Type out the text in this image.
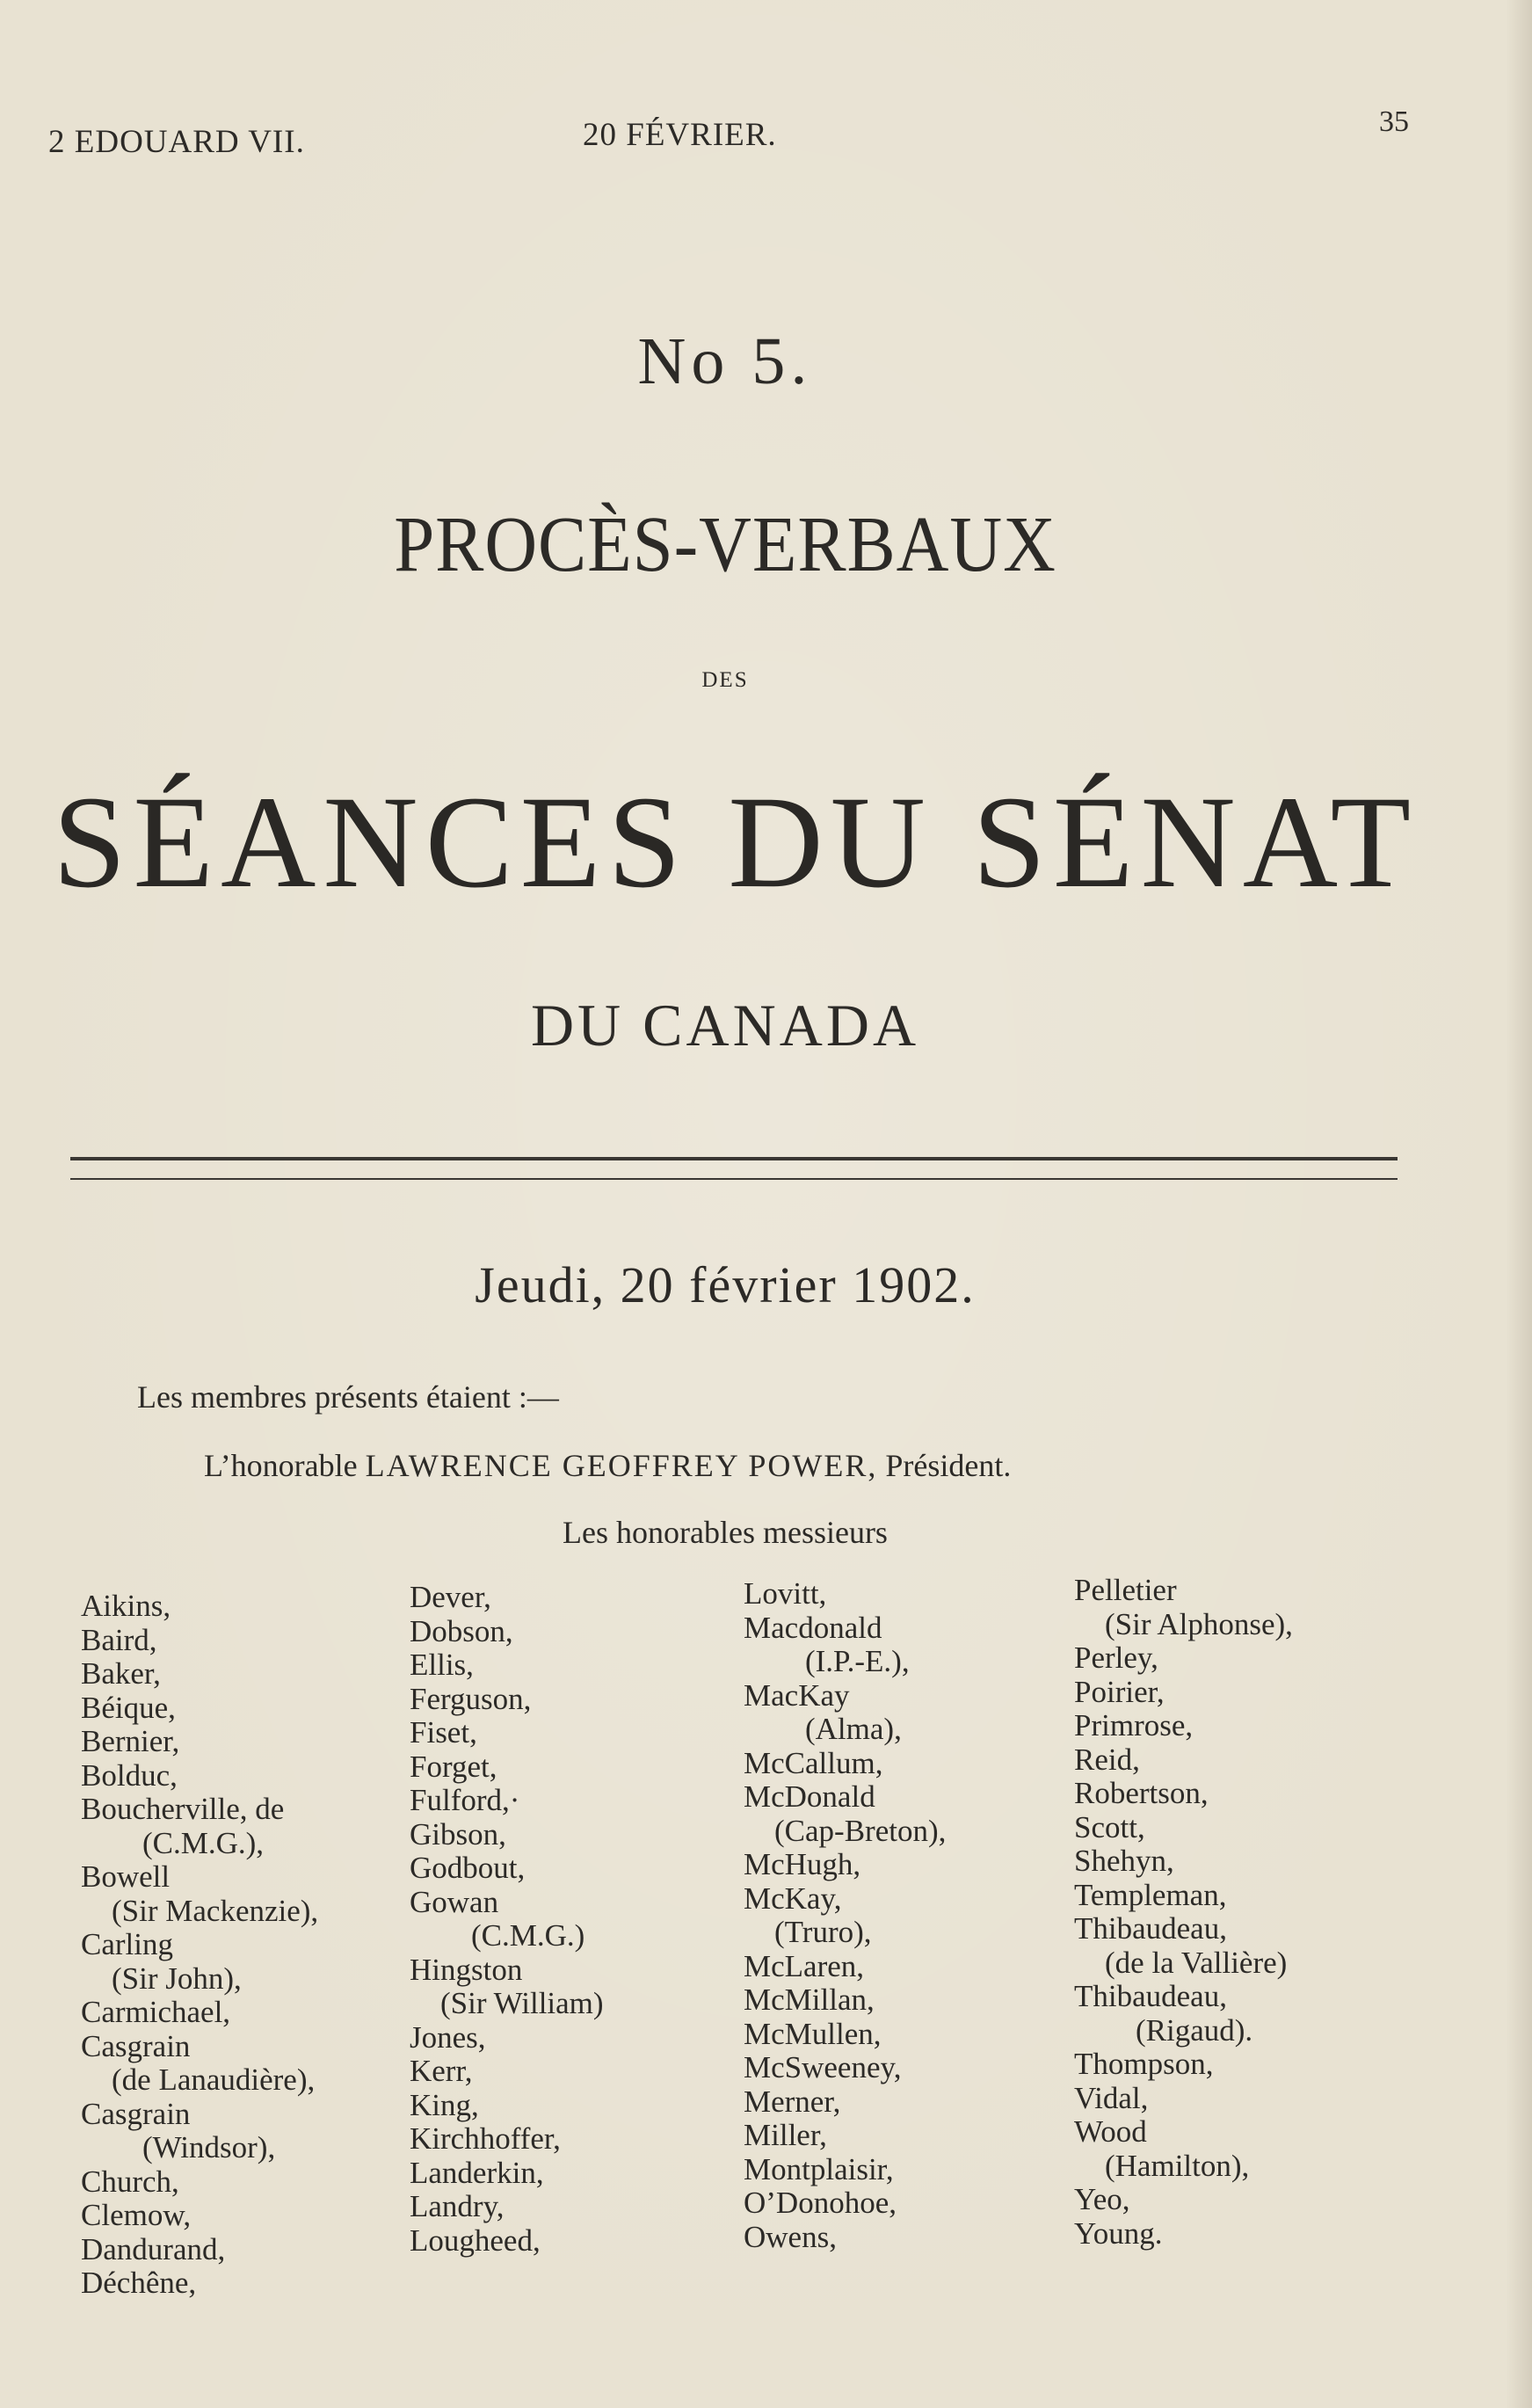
2 EDOUARD VII.	20 FÉVRIER.	35
No 5.
PROCÈS-VERBAUX
DES
SÉANCES DU SÉNAT
DU CANADA
Jeudi, 20 février 1902.
Les membres présents étaient :—
L’honorable LAWRENCE GEOFFREY POWER, Président.
Les honorables messieurs
Aikins,
Baird,
Baker,
Béique,
Bernier,
Bolduc,
Boucherville, de
(C.M.G.),
Bowell
(Sir Mackenzie),
Carling
(Sir John),
Carmichael,
Casgrain
(de Lanaudière),
Casgrain
(Windsor),
Church,
Clemow,
Dandurand,
Déchêne,
Dever,
Dobson,
Ellis,
Ferguson,
Fiset,
Forget,
Fulford,·
Gibson,
Godbout,
Gowan
(C.M.G.)
Hingston
(Sir William)
Jones,
Kerr,
King,
Kirchhoffer,
Landerkin,
Landry,
Lougheed,
Lovitt,
Macdonald
(I.P.-E.),
MacKay
(Alma),
McCallum,
McDonald
(Cap-Breton),
McHugh,
McKay,
(Truro),
McLaren,
McMillan,
McMullen,
McSweeney,
Merner,
Miller,
Montplaisir,
O’Donohoe,
Owens,
Pelletier
(Sir Alphonse),
Perley,
Poirier,
Primrose,
Reid,
Robertson,
Scott,
Shehyn,
Templeman,
Thibaudeau,
(de la Vallière)
Thibaudeau,
(Rigaud).
Thompson,
Vidal,
Wood
(Hamilton),
Yeo,
Young.
